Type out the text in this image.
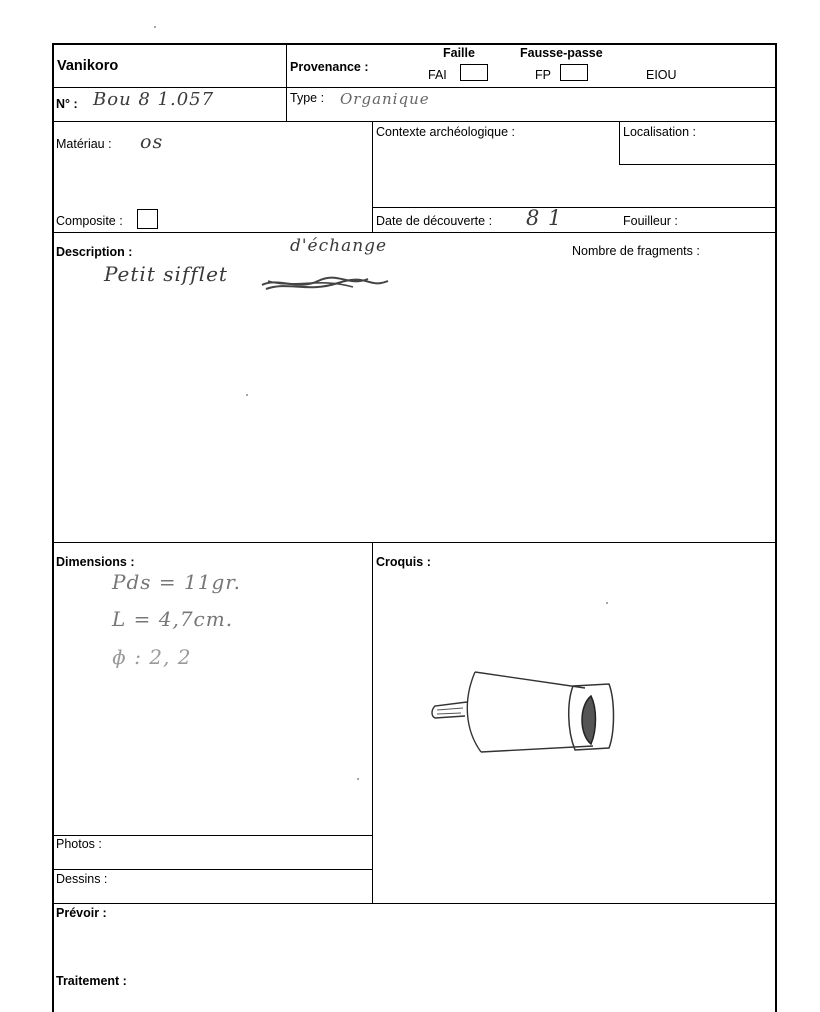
Vanikoro	Provenance :
Faille	Fausse-passe
FAI	FP	EIOU
N° : Bou 8 1.057	Type : Organique
Matériau : os	Contexte archéologique :	Localisation :
Composite :	Date de découverte : 8 1	Fouilleur :
Description :	Nombre de fragments :
d'échange
Petit sifflet
Dimensions :
Pds = 11gr.
L = 4,7cm.
ɸ : 2, 2
Croquis :
Photos :
Dessins :
Prévoir :
Traitement :
